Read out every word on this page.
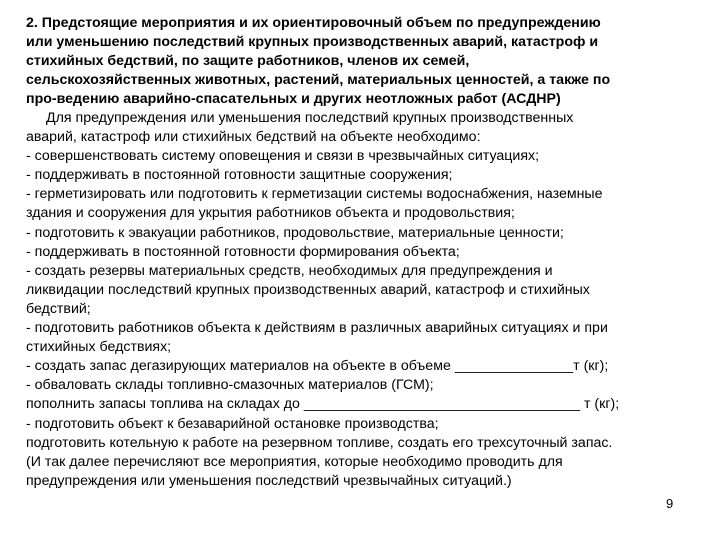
2. Предстоящие мероприятия и их ориентировочный объем по предупреждению
или уменьшению последствий крупных производственных аварий, катастроф и
стихийных бедствий, по защите работников, членов их семей,
сельскохозяйственных животных, растений, материальных ценностей, а также по
про-ведению аварийно-спасательных и других неотложных работ (АСДНР)
Для предупреждения или уменьшения последствий крупных производственных
аварий, катастроф или стихийных бедствий на объекте необходимо:
- совершенствовать систему оповещения и связи в чрезвычайных ситуациях;
- поддерживать в постоянной готовности защитные сооружения;
- герметизировать или подготовить к герметизации системы водоснабжения, наземные
здания и сооружения для укрытия работников объекта и продовольствия;
- подготовить к эвакуации работников, продовольствие, материальные ценности;
- поддерживать в постоянной готовности формирования объекта;
- создать резервы материальных средств, необходимых для предупреждения и
ликвидации последствий крупных производственных аварий, катастроф и стихийных
бедствий;
- подготовить работников объекта к действиям в различных аварийных ситуациях и при
стихийных бедствиях;
- создать запас дегазирующих материалов на объекте в объеме _______________т (кг);
- обваловать склады топливно-смазочных материалов (ГСМ);
пополнить запасы топлива на складах до ___________________________________ т (кг);
- подготовить объект к безаварийной остановке производства;
подготовить котельную к работе на резервном топливе, создать его трехсуточный запас.
(И так далее перечисляют все мероприятия, которые необходимо проводить для
предупреждения или уменьшения последствий чрезвычайных ситуаций.)
9
